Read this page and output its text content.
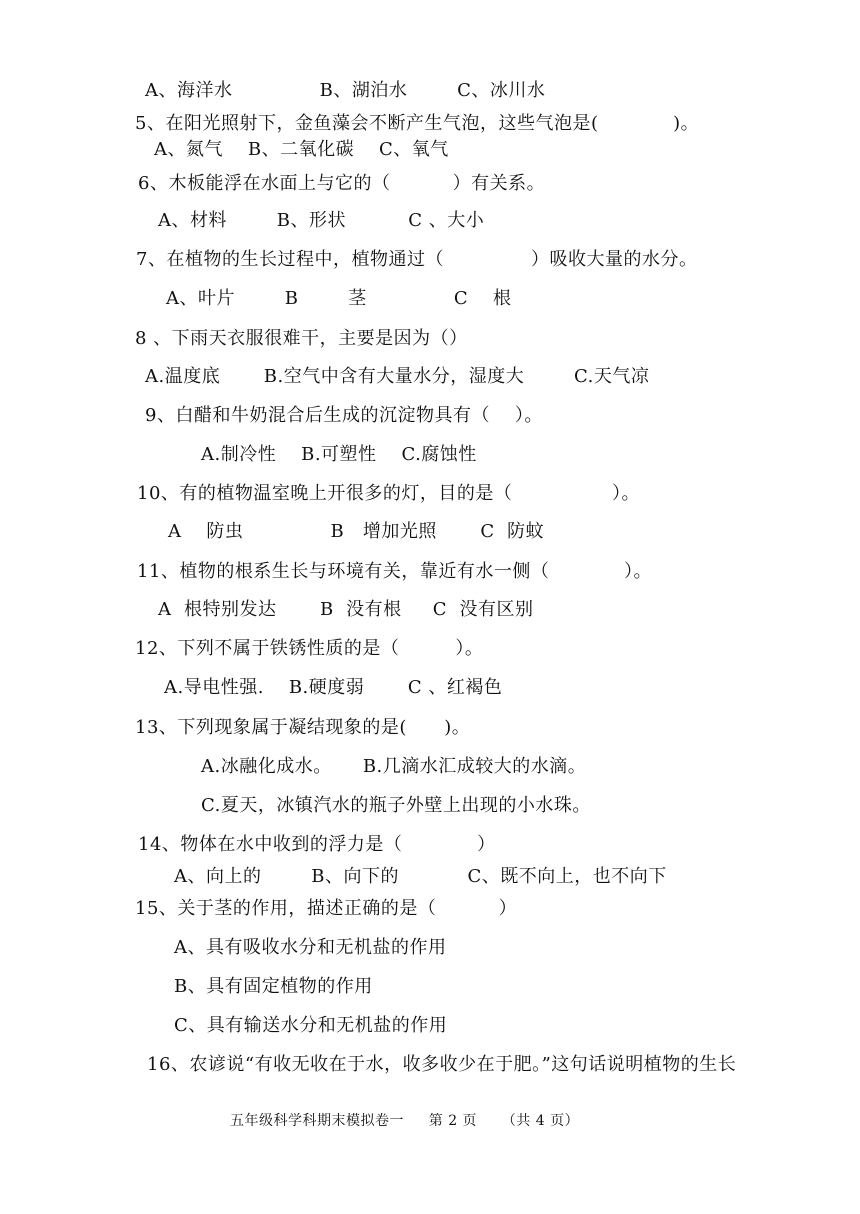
A、海洋水              B、湖泊水        C、冰川水
5、在阳光照射下，金鱼藻会不断产生气泡，这些气泡是(            )。
A、氮气    B、二氧化碳    C、氧气
6、木板能浮在水面上与它的（          ）有关系。
A、材料        B、形状          C 、大小
7、在植物的生长过程中，植物通过（              ）吸收大量的水分。
A、叶片        B        茎              C    根
8 、下雨天衣服很难干，主要是因为（）
A.温度底       B.空气中含有大量水分，湿度大        C.天气凉
9、白醋和牛奶混合后生成的沉淀物具有（    ）。
A.制冷性    B.可塑性    C.腐蚀性
10、有的植物温室晚上开很多的灯，目的是（                ）。
A    防虫              B   增加光照       C  防蚊
11、植物的根系生长与环境有关，靠近有水一侧（            ）。
A  根特别发达       B  没有根     C  没有区别
12、下列不属于铁锈性质的是（         ）。
A.导电性强.    B.硬度弱       C 、红褐色
13、下列现象属于凝结现象的是(      )。
A.冰融化成水。     B.几滴水汇成较大的水滴。
C.夏天，冰镇汽水的瓶子外壁上出现的小水珠。
14、物体在水中收到的浮力是（            ）
A、向上的        B、向下的           C、既不向上，也不向下
15、关于茎的作用，描述正确的是（          ）
A、具有吸收水分和无机盐的作用
B、具有固定植物的作用
C、具有输送水分和无机盐的作用
16、农谚说“有收无收在于水，收多收少在于肥。”这句话说明植物的生长
五年级科学科期末模拟卷一     第 2 页     （共 4 页）
